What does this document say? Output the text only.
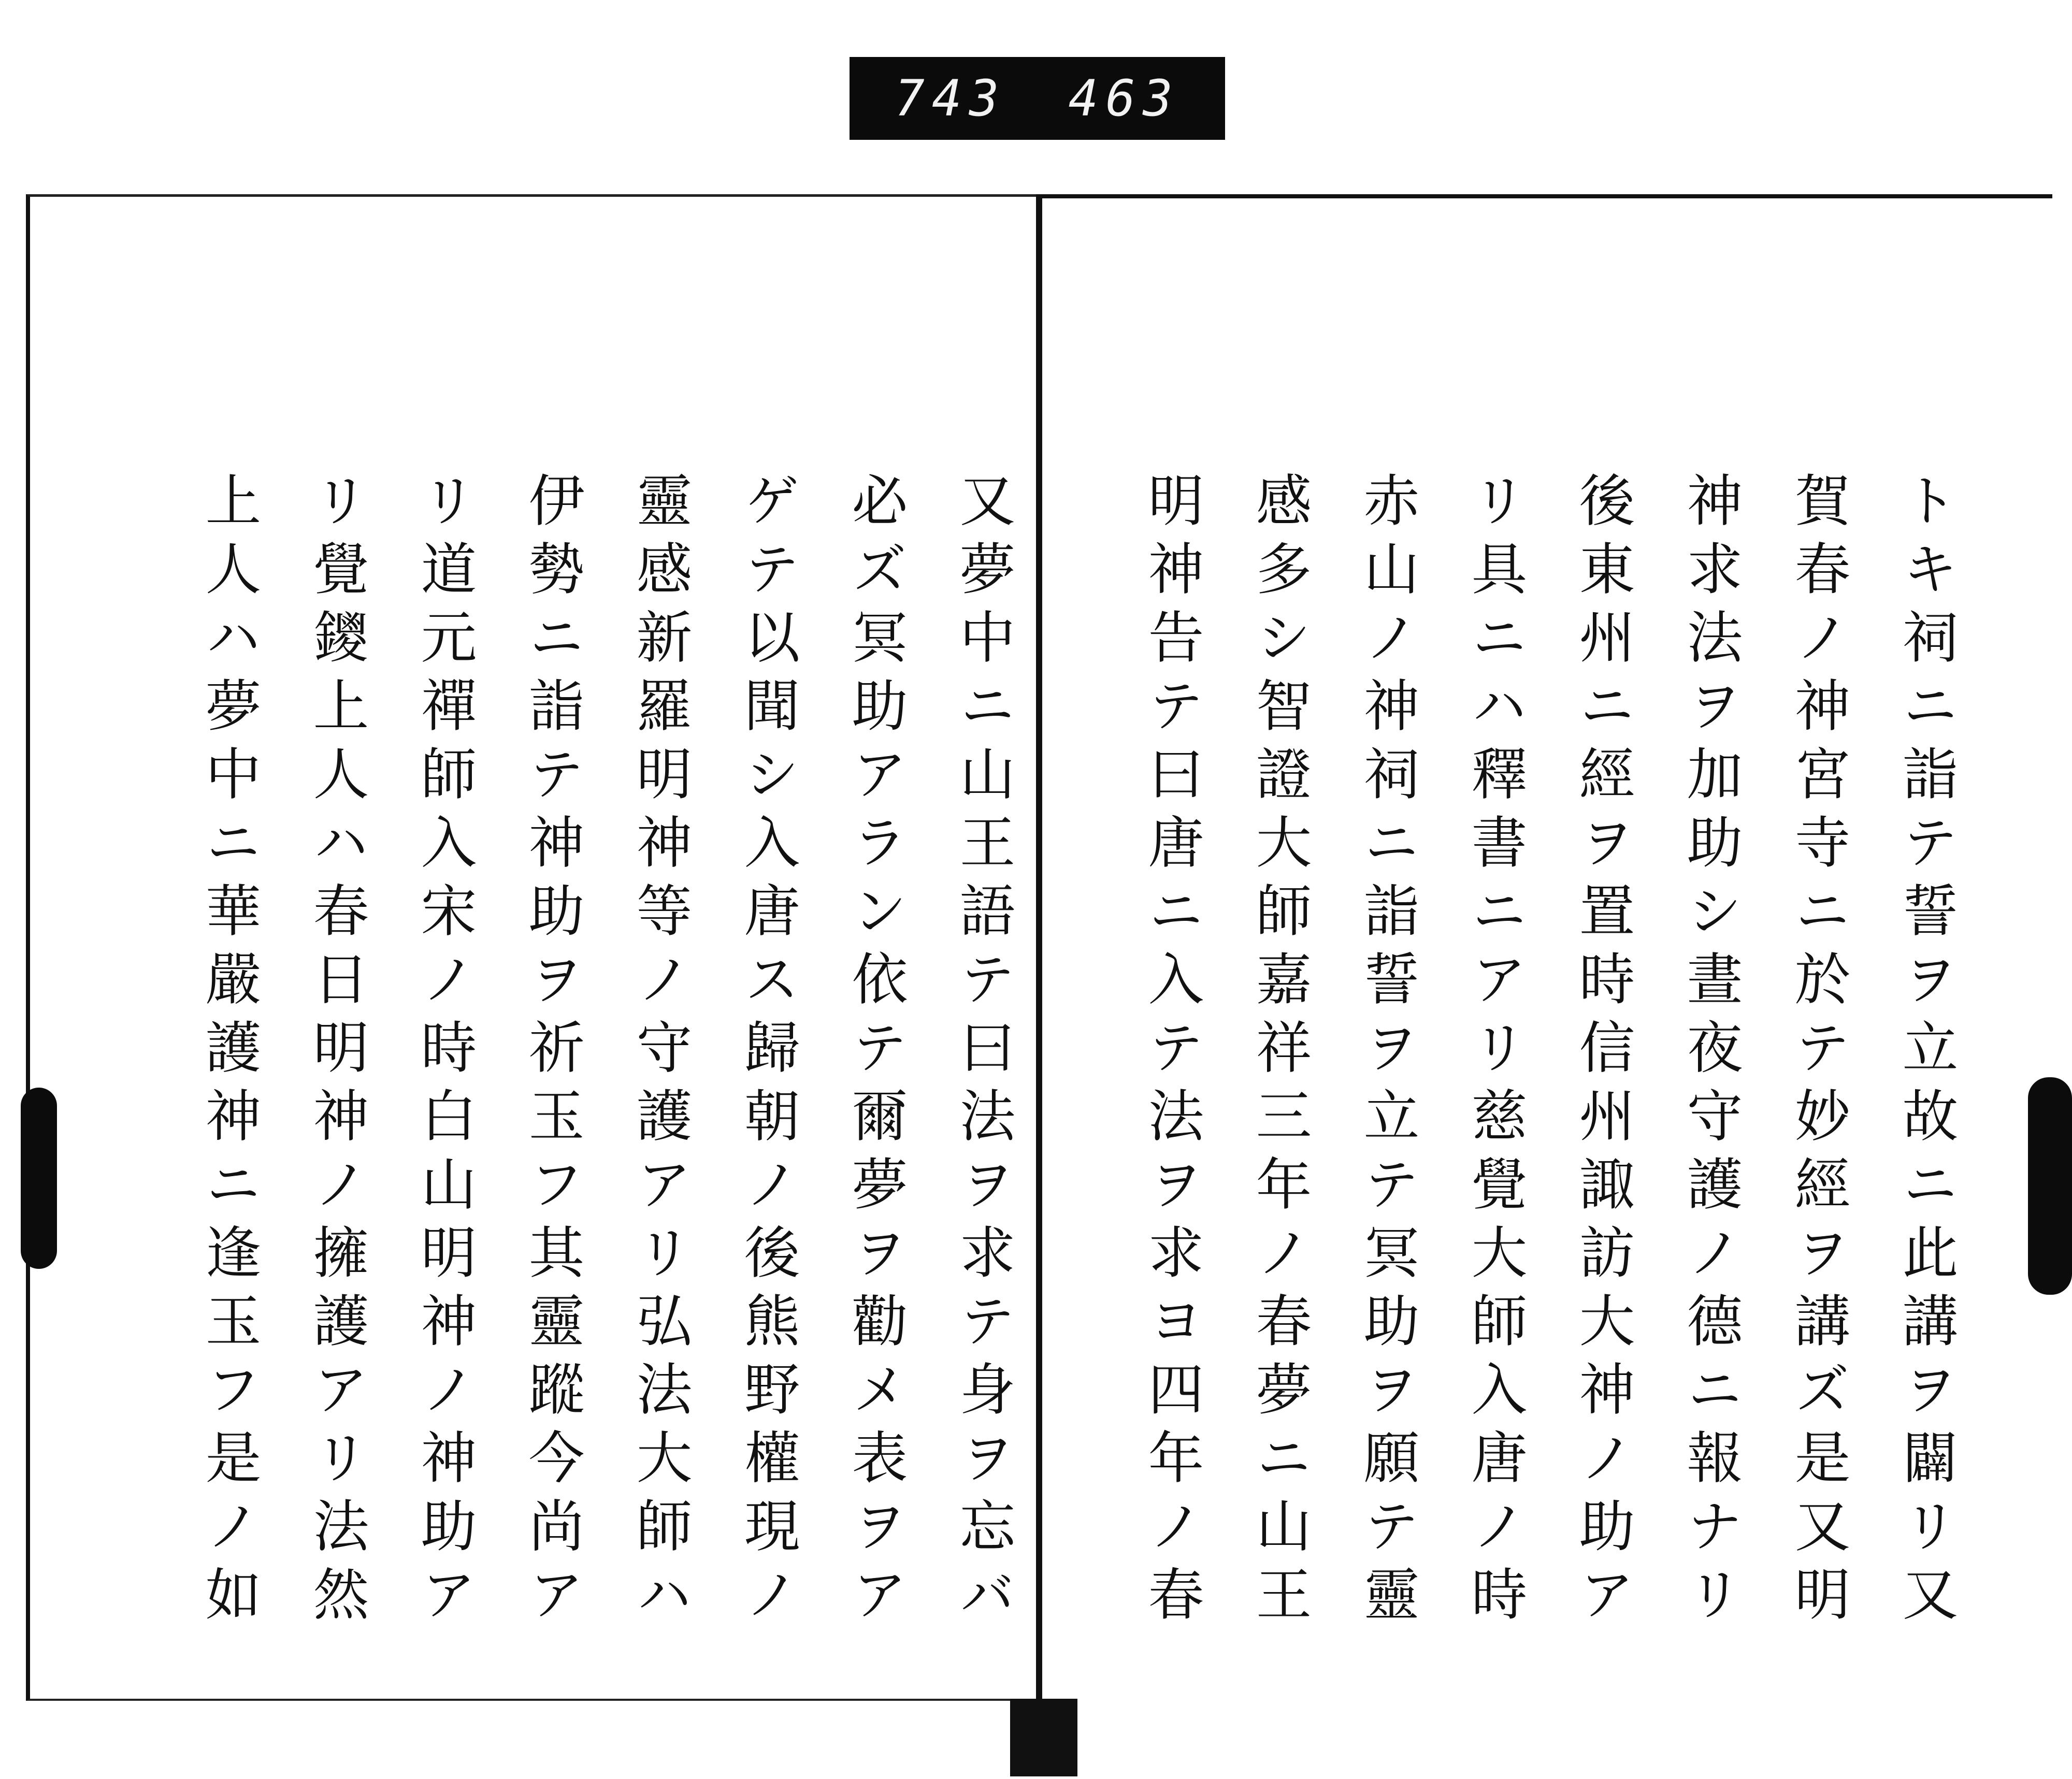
743 463
トキ祠ニ詣テ誓ヲ立故ニ此講ヲ闢リ又
賀春ノ神宮寺ニ於テ妙經ヲ講ズ是又明
神求法ヲ加助シ晝夜守護ノ德ニ報ナリ
後東州ニ經ヲ置時信州諏訪大神ノ助ア
リ具ニハ釋書ニアリ慈覺大師入唐ノ時
赤山ノ神祠ニ詣誓ヲ立テ冥助ヲ願テ靈
感多シ智證大師嘉祥三年ノ春夢ニ山王
明神告テ曰唐ニ入テ法ヲ求ヨ四年ノ春
又夢中ニ山王語テ曰法ヲ求テ身ヲ忘バ
必ズ冥助アラン依テ爾夢ヲ勸メ表ヲア
ゲテ以聞シ入唐ス歸朝ノ後熊野權現ノ
靈感新羅明神等ノ守護アリ弘法大師ハ
伊勢ニ詣テ神助ヲ祈玉フ其靈蹤今尚ア
リ道元禪師入宋ノ時白山明神ノ神助ア
リ覺鑁上人ハ春日明神ノ擁護アリ法然
上人ハ夢中ニ華嚴護神ニ逢玉フ是ノ如
